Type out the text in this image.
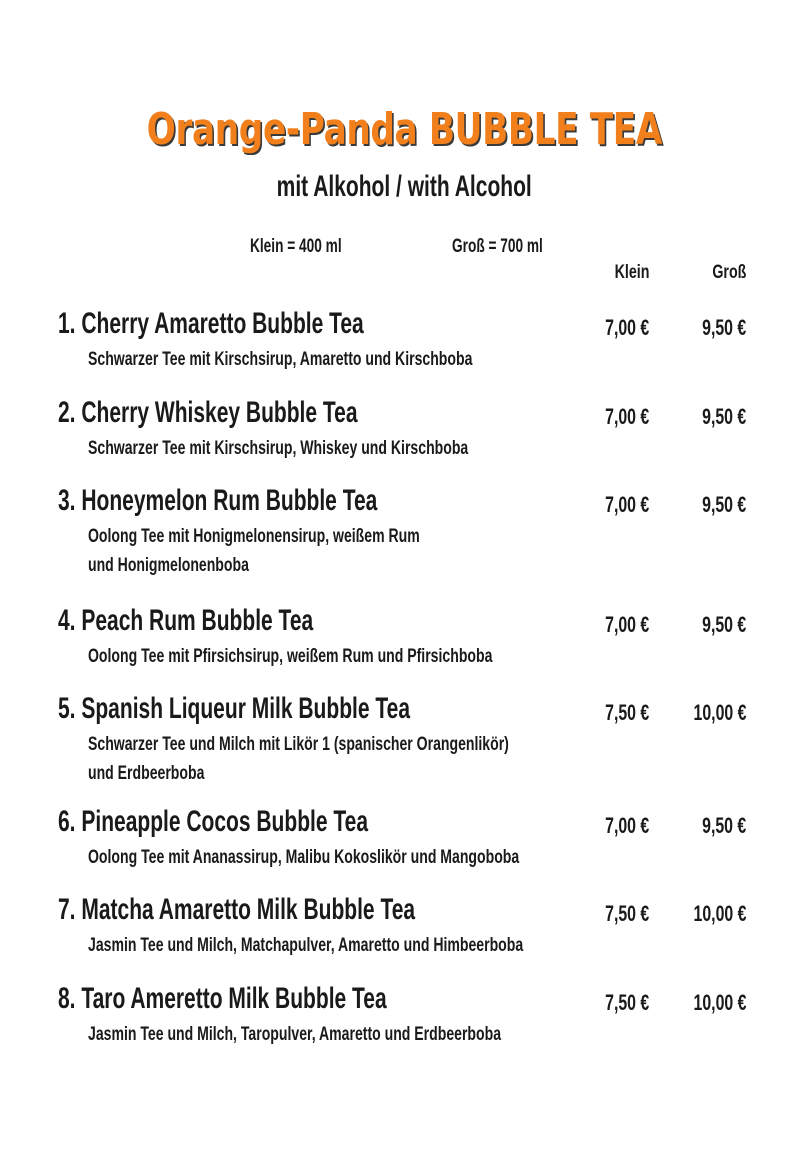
Orange-Panda BUBBLE TEA
mit Alkohol / with Alcohol
Klein = 400 ml	Groß = 700 ml
Klein	Groß
1. Cherry Amaretto Bubble Tea
Schwarzer Tee mit Kirschsirup, Amaretto und Kirschboba
7,00 €	9,50 €
2. Cherry Whiskey Bubble Tea
Schwarzer Tee mit Kirschsirup, Whiskey und Kirschboba
7,00 €	9,50 €
3. Honeymelon Rum Bubble Tea
Oolong Tee mit Honigmelonensirup, weißem Rum
und Honigmelonenboba
7,00 €	9,50 €
4. Peach Rum Bubble Tea
Oolong Tee mit Pfirsichsirup, weißem Rum und Pfirsichboba
7,00 €	9,50 €
5. Spanish Liqueur Milk Bubble Tea
Schwarzer Tee und Milch mit Likör 1 (spanischer Orangenlikör)
und Erdbeerboba
7,50 €	10,00 €
6. Pineapple Cocos Bubble Tea
Oolong Tee mit Ananassirup, Malibu Kokoslikör und Mangoboba
7,00 €	9,50 €
7. Matcha Amaretto Milk Bubble Tea
Jasmin Tee und Milch, Matchapulver, Amaretto und Himbeerboba
7,50 €	10,00 €
8. Taro Ameretto Milk Bubble Tea
Jasmin Tee und Milch, Taropulver, Amaretto und Erdbeerboba
7,50 €	10,00 €
